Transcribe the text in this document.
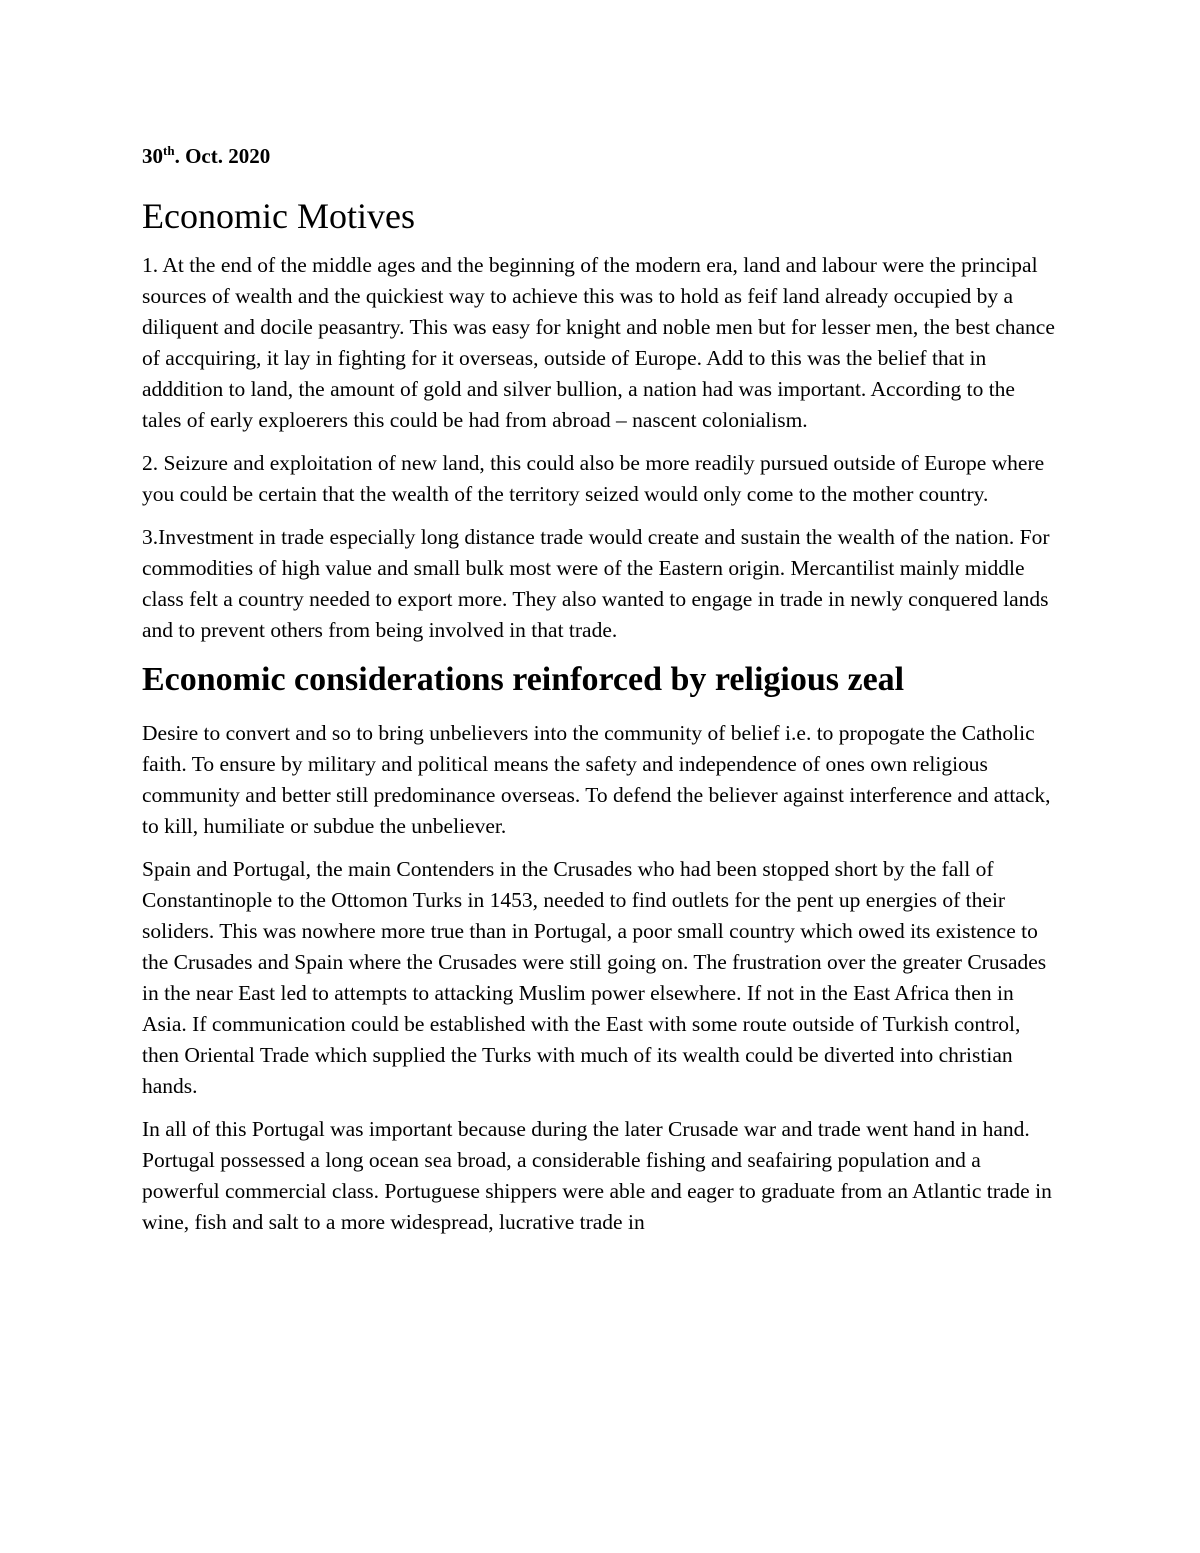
30th. Oct. 2020

Economic Motives

1. At the end of the middle ages and the beginning of the modern era, land and labour were the principal sources of wealth and the quickiest way to achieve this was to hold as feif land already occupied by a diliquent and docile peasantry. This was easy for knight and noble men but for lesser men, the best chance of accquiring, it lay in fighting for it overseas, outside of Europe. Add to this was the belief that in adddition to land, the amount of gold and silver bullion, a nation had was important. According to the tales of early exploerers this could be had from abroad – nascent colonialism.

2. Seizure and exploitation of new land, this could also be more readily pursued outside of Europe where you could be certain that the wealth of the territory seized would only come to the mother country.

3.Investment in trade especially long distance trade would create and sustain the wealth of the nation. For commodities of high value and small bulk most were of the Eastern origin. Mercantilist mainly middle class felt a country needed to export more. They also wanted to engage in trade in newly conquered lands and to prevent others from being involved in that trade.

Economic considerations reinforced by religious zeal

Desire to convert and so to bring unbelievers into the community of belief i.e. to propogate the Catholic faith. To ensure by military and political means the safety and independence of ones own religious community and better still predominance overseas. To defend the believer against interference and attack, to kill, humiliate or subdue the unbeliever.

Spain and Portugal, the main Contenders in the Crusades who had been stopped short by the fall of Constantinople to the Ottomon Turks in 1453, needed to find outlets for the pent up energies of their soliders. This was nowhere more true than in Portugal, a poor small country which owed its existence to the Crusades and Spain where the Crusades were still going on. The frustration over the greater Crusades in the near East led to attempts to attacking Muslim power elsewhere. If not in the East Africa then in Asia. If communication could be established with the East with some route outside of Turkish control, then Oriental Trade which supplied the Turks with much of its wealth could be diverted into christian hands.

In all of this Portugal was important because during the later Crusade war and trade went hand in hand. Portugal possessed a long ocean sea broad, a considerable fishing and seafairing population and a powerful commercial class. Portuguese shippers were able and eager to graduate from an Atlantic trade in wine, fish and salt to a more widespread, lucrative trade in
